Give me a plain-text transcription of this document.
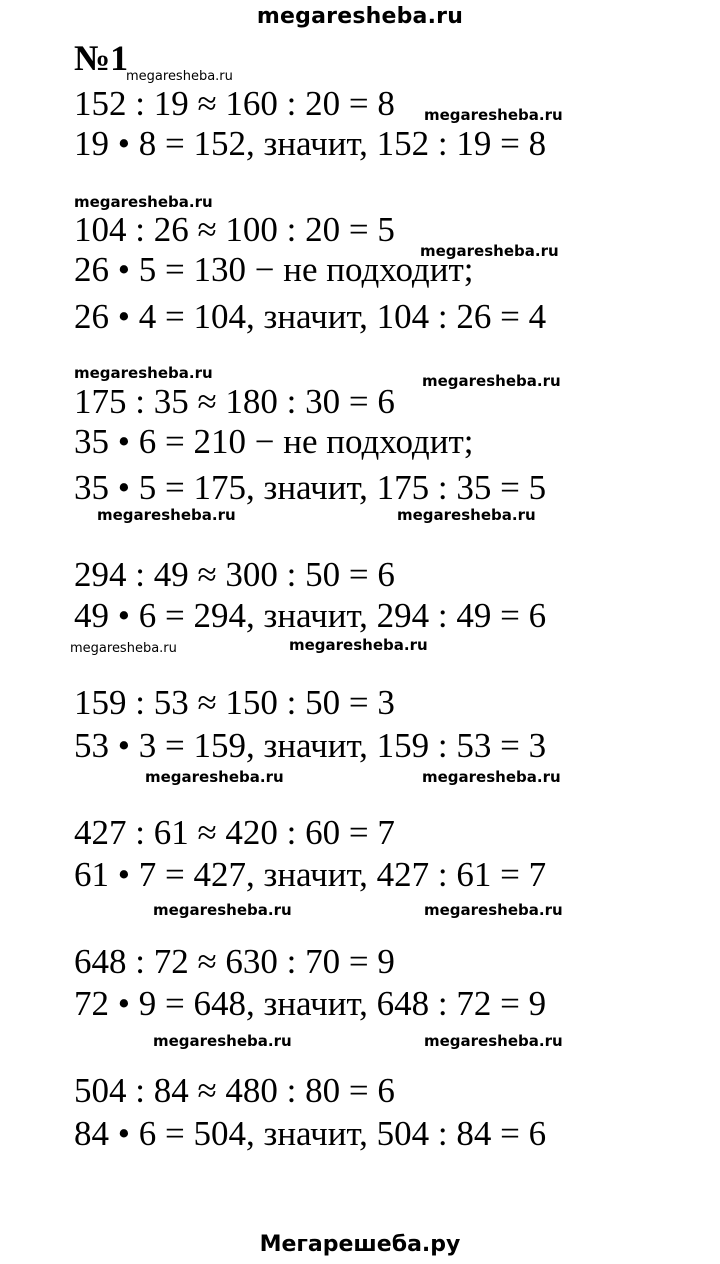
megaresheba.ru
№1
152 : 19 ≈ 160 : 20 = 8
19 • 8 = 152, значит, 152 : 19 = 8
104 : 26 ≈ 100 : 20 = 5
26 • 5 = 130 − не подходит;
26 • 4 = 104, значит, 104 : 26 = 4
175 : 35 ≈ 180 : 30 = 6
35 • 6 = 210 − не подходит;
35 • 5 = 175, значит, 175 : 35 = 5
294 : 49 ≈ 300 : 50 = 6
49 • 6 = 294, значит, 294 : 49 = 6
159 : 53 ≈ 150 : 50 = 3
53 • 3 = 159, значит, 159 : 53 = 3
427 : 61 ≈ 420 : 60 = 7
61 • 7 = 427, значит, 427 : 61 = 7
648 : 72 ≈ 630 : 70 = 9
72 • 9 = 648, значит, 648 : 72 = 9
504 : 84 ≈ 480 : 80 = 6
84 • 6 = 504, значит, 504 : 84 = 6
megaresheba.ru
megaresheba.ru
megaresheba.ru
megaresheba.ru
megaresheba.ru	megaresheba.ru
megaresheba.ru	megaresheba.ru
megaresheba.ru	megaresheba.ru
megaresheba.ru	megaresheba.ru
megaresheba.ru	megaresheba.ru
megaresheba.ru	megaresheba.ru
Мегарешеба.ру
